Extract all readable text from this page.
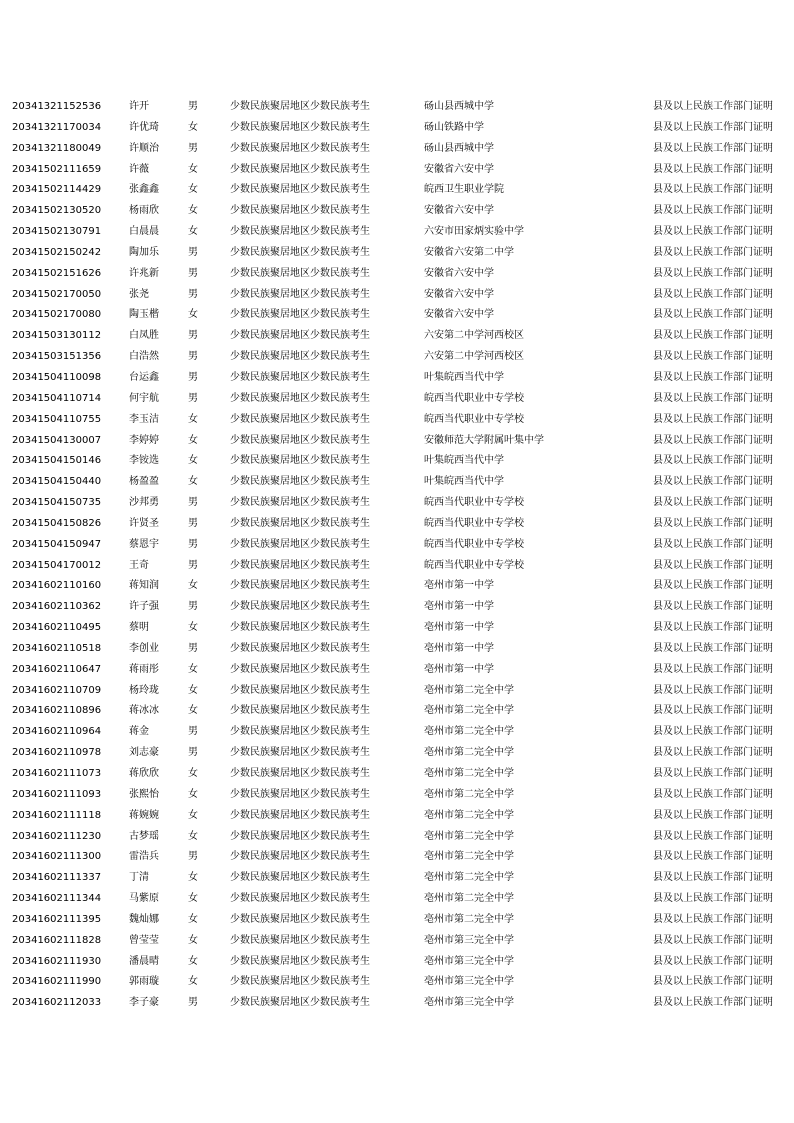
20341321152536	许开	男	少数民族聚居地区少数民族考生	砀山县西城中学	县及以上民族工作部门证明
20341321170034	许优琦	女	少数民族聚居地区少数民族考生	砀山铁路中学	县及以上民族工作部门证明
20341321180049	许顺治	男	少数民族聚居地区少数民族考生	砀山县西城中学	县及以上民族工作部门证明
20341502111659	许薇	女	少数民族聚居地区少数民族考生	安徽省六安中学	县及以上民族工作部门证明
20341502114429	张鑫鑫	女	少数民族聚居地区少数民族考生	皖西卫生职业学院	县及以上民族工作部门证明
20341502130520	杨雨欣	女	少数民族聚居地区少数民族考生	安徽省六安中学	县及以上民族工作部门证明
20341502130791	白晨晨	女	少数民族聚居地区少数民族考生	六安市田家炳实验中学	县及以上民族工作部门证明
20341502150242	陶加乐	男	少数民族聚居地区少数民族考生	安徽省六安第二中学	县及以上民族工作部门证明
20341502151626	许兆新	男	少数民族聚居地区少数民族考生	安徽省六安中学	县及以上民族工作部门证明
20341502170050	张尧	男	少数民族聚居地区少数民族考生	安徽省六安中学	县及以上民族工作部门证明
20341502170080	陶玉楷	女	少数民族聚居地区少数民族考生	安徽省六安中学	县及以上民族工作部门证明
20341503130112	白凤胜	男	少数民族聚居地区少数民族考生	六安第二中学河西校区	县及以上民族工作部门证明
20341503151356	白浩然	男	少数民族聚居地区少数民族考生	六安第二中学河西校区	县及以上民族工作部门证明
20341504110098	台运鑫	男	少数民族聚居地区少数民族考生	叶集皖西当代中学	县及以上民族工作部门证明
20341504110714	何宇航	男	少数民族聚居地区少数民族考生	皖西当代职业中专学校	县及以上民族工作部门证明
20341504110755	李玉洁	女	少数民族聚居地区少数民族考生	皖西当代职业中专学校	县及以上民族工作部门证明
20341504130007	李婷婷	女	少数民族聚居地区少数民族考生	安徽师范大学附属叶集中学	县及以上民族工作部门证明
20341504150146	李铵选	女	少数民族聚居地区少数民族考生	叶集皖西当代中学	县及以上民族工作部门证明
20341504150440	杨盈盈	女	少数民族聚居地区少数民族考生	叶集皖西当代中学	县及以上民族工作部门证明
20341504150735	沙邦勇	男	少数民族聚居地区少数民族考生	皖西当代职业中专学校	县及以上民族工作部门证明
20341504150826	许贤圣	男	少数民族聚居地区少数民族考生	皖西当代职业中专学校	县及以上民族工作部门证明
20341504150947	蔡恩宇	男	少数民族聚居地区少数民族考生	皖西当代职业中专学校	县及以上民族工作部门证明
20341504170012	王奇	男	少数民族聚居地区少数民族考生	皖西当代职业中专学校	县及以上民族工作部门证明
20341602110160	蒋知润	女	少数民族聚居地区少数民族考生	亳州市第一中学	县及以上民族工作部门证明
20341602110362	许子强	男	少数民族聚居地区少数民族考生	亳州市第一中学	县及以上民族工作部门证明
20341602110495	蔡明	女	少数民族聚居地区少数民族考生	亳州市第一中学	县及以上民族工作部门证明
20341602110518	李创业	男	少数民族聚居地区少数民族考生	亳州市第一中学	县及以上民族工作部门证明
20341602110647	蒋雨彤	女	少数民族聚居地区少数民族考生	亳州市第一中学	县及以上民族工作部门证明
20341602110709	杨玲珑	女	少数民族聚居地区少数民族考生	亳州市第二完全中学	县及以上民族工作部门证明
20341602110896	蒋冰冰	女	少数民族聚居地区少数民族考生	亳州市第二完全中学	县及以上民族工作部门证明
20341602110964	蒋金	男	少数民族聚居地区少数民族考生	亳州市第二完全中学	县及以上民族工作部门证明
20341602110978	刘志豪	男	少数民族聚居地区少数民族考生	亳州市第二完全中学	县及以上民族工作部门证明
20341602111073	蒋欣欣	女	少数民族聚居地区少数民族考生	亳州市第二完全中学	县及以上民族工作部门证明
20341602111093	张熙怡	女	少数民族聚居地区少数民族考生	亳州市第二完全中学	县及以上民族工作部门证明
20341602111118	蒋婉婉	女	少数民族聚居地区少数民族考生	亳州市第二完全中学	县及以上民族工作部门证明
20341602111230	古梦瑶	女	少数民族聚居地区少数民族考生	亳州市第二完全中学	县及以上民族工作部门证明
20341602111300	雷浩兵	男	少数民族聚居地区少数民族考生	亳州市第二完全中学	县及以上民族工作部门证明
20341602111337	丁清	女	少数民族聚居地区少数民族考生	亳州市第二完全中学	县及以上民族工作部门证明
20341602111344	马紫原	女	少数民族聚居地区少数民族考生	亳州市第二完全中学	县及以上民族工作部门证明
20341602111395	魏灿娜	女	少数民族聚居地区少数民族考生	亳州市第二完全中学	县及以上民族工作部门证明
20341602111828	曾莹莹	女	少数民族聚居地区少数民族考生	亳州市第三完全中学	县及以上民族工作部门证明
20341602111930	潘晨晴	女	少数民族聚居地区少数民族考生	亳州市第三完全中学	县及以上民族工作部门证明
20341602111990	郭雨璇	女	少数民族聚居地区少数民族考生	亳州市第三完全中学	县及以上民族工作部门证明
20341602112033	李子豪	男	少数民族聚居地区少数民族考生	亳州市第三完全中学	县及以上民族工作部门证明
